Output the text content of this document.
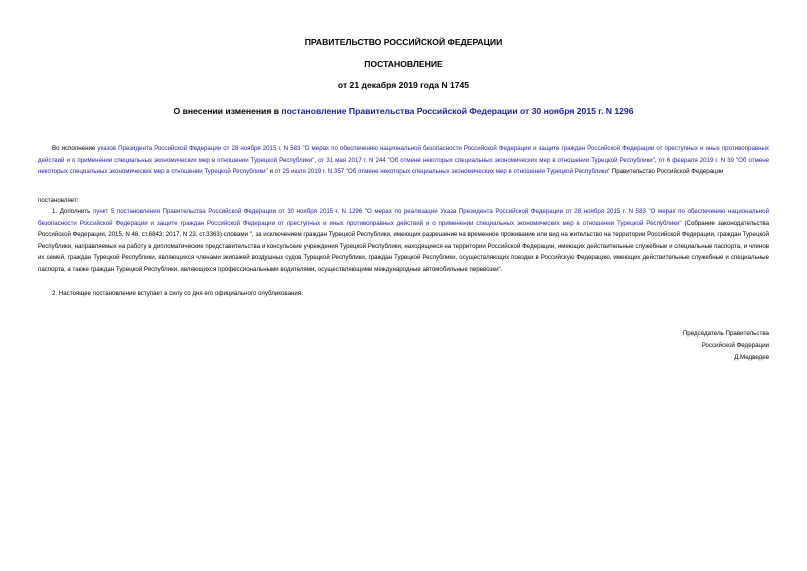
ПРАВИТЕЛЬСТВО РОССИЙСКОЙ ФЕДЕРАЦИИ
ПОСТАНОВЛЕНИЕ
от 21 декабря 2019 года N 1745
О внесении изменения в постановление Правительства Российской Федерации от 30 ноября 2015 г. N 1296

Во исполнение указов Президента Российской Федерации от 28 ноября 2015 г. N 583 "О мерах по обеспечению национальной безопасности Российской Федерации и защите граждан Российской Федерации от преступных и иных противоправных действий и о применении специальных экономических мер в отношении Турецкой Республики", от 31 мая 2017 г. N 244 "Об отмене некоторых специальных экономических мер в отношении Турецкой Республики", от 6 февраля 2019 г. N 39 "Об отмене некоторых специальных экономических мер в отношении Турецкой Республики" и от 25 июля 2019 г. N 357 "Об отмене некоторых специальных экономических мер в отношении Турецкой Республики" Правительство Российской Федерации

постановляет:

1. Дополнить пункт 5 постановления Правительства Российской Федерации от 30 ноября 2015 г. N 1296 "О мерах по реализации Указа Президента Российской Федерации от 28 ноября 2015 г. N 583 "О мерах по обеспечению национальной безопасности Российской Федерации и защите граждан Российской Федерации от преступных и иных противоправных действий и о применении специальных экономических мер в отношении Турецкой Республики" (Собрание законодательства Российской Федерации, 2015, N 48, ст.6843; 2017, N 23, ст.3363) словами ", за исключением граждан Турецкой Республики, имеющих разрешение на временное проживание или вид на жительство на территории Российской Федерации, граждан Турецкой Республики, направляемых на работу в дипломатические представительства и консульские учреждения Турецкой Республики, находящиеся на территории Российской Федерации, имеющих действительные служебные и специальные паспорта, и членов их семей, граждан Турецкой Республики, являющихся членами экипажей воздушных судов Турецкой Республики, граждан Турецкой Республики, осуществляющих поездки в Российскую Федерацию, имеющих действительные служебные и специальные паспорта, а также граждан Турецкой Республики, являющихся профессиональными водителями, осуществляющими международные автомобильные перевозки".

2. Настоящее постановление вступает в силу со дня его официального опубликования.

Председатель Правительства
Российской Федерации
Д.Медведев
